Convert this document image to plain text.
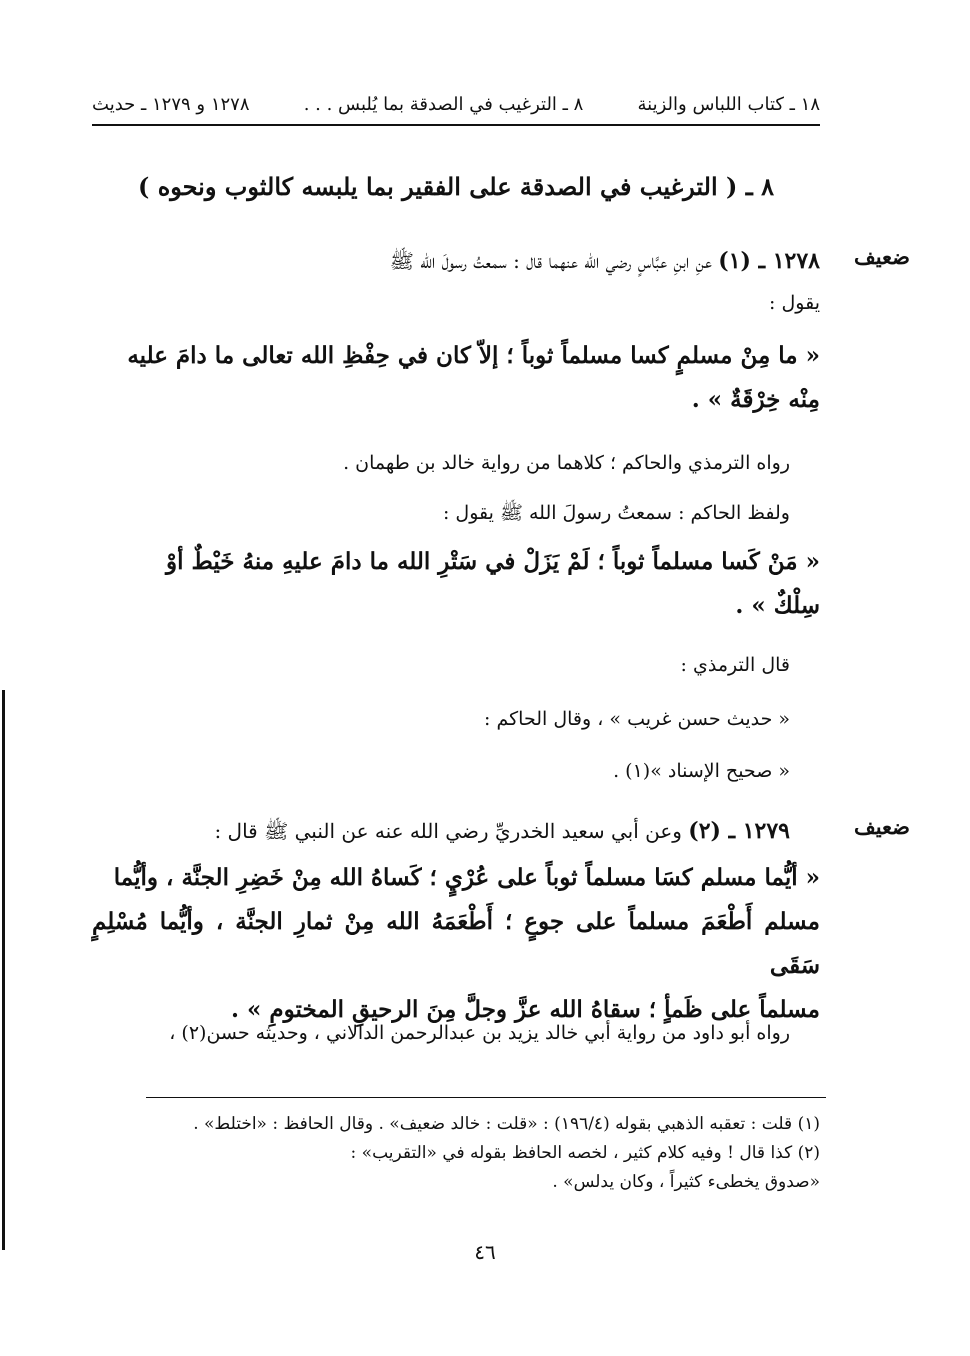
١٨ ـ كتاب اللباس والزينة
٨ ـ الترغيب في الصدقة بما يُلبس . . .
١٢٧٨ و ١٢٧٩ ـ حديث
٨ ـ ( الترغيب في الصدقة على الفقير بما يلبسه كالثوب ونحوه )
ضعيف
١٢٧٨ ـ (١) عنِ ابنِ عبَّاسٍ رضي الله عنهما قال : سمعتُ رسولَ الله ﷺ
يقول :
« ما مِنْ مسلمٍ كسا مسلماً ثوباً ؛ إلاّ كان في حِفْظِ الله تعالى ما دامَ عليه
مِنْه خِرْقَةٌ » .
رواه الترمذي والحاكم ؛ كلاهما من رواية خالد بن طهمان .
ولفظ الحاكم : سمعتُ رسولَ الله ﷺ يقول :
« مَنْ كَسا مسلماً ثوباً ؛ لَمْ يَزَلْ في سَتْرِ الله ما دامَ عليهِ منهُ خَيْطٌ أوْ
سِلْكٌ » .
قال الترمذي :
« حديث حسن غريب » ، وقال الحاكم :
« صحيح الإسناد »(١) .
ضعيف
١٢٧٩ ـ (٢) وعن أبي سعيد الخدريِّ رضي الله عنه عن النبي ﷺ قال :
« أيُّما مسلم كسَا مسلماً ثوباً على عُرْيٍ ؛ كَساهُ الله مِنْ خَضِرِ الجنَّة ، وأيُّما
مسلم أَطْعَمَ مسلماً على جوعٍ ؛ أَطْعَمَهُ الله مِنْ ثمارِ الجنَّة ، وأيُّما مُسْلِمٍ سَقَى
مسلماً على ظَمأٍ ؛ سقاهُ الله عزَّ وجلَّ مِنَ الرحيقِ المختومِ » .
رواه أبو داود من رواية أبي خالد يزيد بن عبدالرحمن الدالاني ، وحديثه حسن(٢) ،
(١) قلت : تعقبه الذهبي بقوله (١٩٦/٤) : «قلت : خالد ضعيف» . وقال الحافظ : «اختلط» .
(٢) كذا قال ! وفيه كلام كثير ، لخصه الحافظ بقوله في «التقريب» :
«صدوق يخطىء كثيراً ، وكان يدلس» .
٤٦
